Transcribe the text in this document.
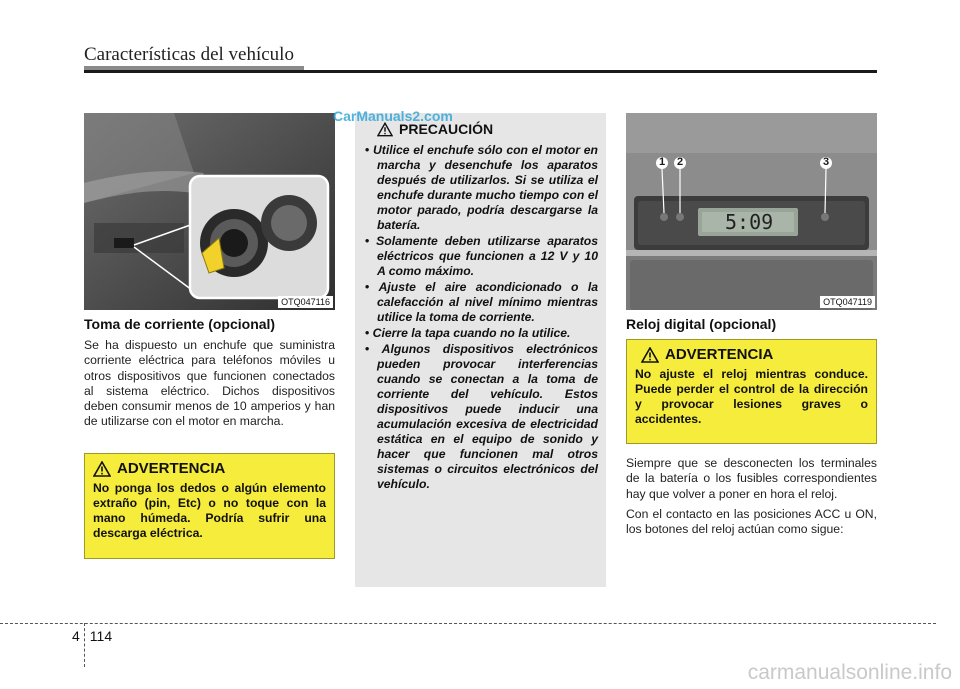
Características del vehículo
OTQ047116
Toma de corriente (opcional)

Se ha dispuesto un enchufe que suministra corriente eléctrica para teléfonos móviles u otros dispositivos que funcionen conectados al sistema eléctrico. Dichos dispositivos deben consumir menos de 10 amperios y han de utilizarse con el motor en marcha.

ADVERTENCIA
No ponga los dedos o algún elemento extraño (pin, Etc) o no toque con la mano húmeda. Podría sufrir una descarga eléctrica.
PRECAUCIÓN
• Utilice el enchufe sólo con el motor en marcha y desenchufe los aparatos después de utilizarlos. Si se utiliza el enchufe durante mucho tiempo con el motor parado, podría descargarse la batería.
• Solamente deben utilizarse aparatos eléctricos que funcionen a 12 V y 10 A como máximo.
• Ajuste el aire acondicionado o la calefacción al nivel mínimo mientras utilice la toma de corriente.
• Cierre la tapa cuando no la utilice.
• Algunos dispositivos electrónicos pueden provocar interferencias cuando se conectan a la toma de corriente del vehículo. Estos dispositivos puede inducir una acumulación excesiva de electricidad estática en el equipo de sonido y hacer que funcionen mal otros sistemas o circuitos electrónicos del vehículo.
5:09
1 2	3
OTQ047119
Reloj digital (opcional)
ADVERTENCIA
No ajuste el reloj mientras conduce. Puede perder el control de la dirección y provocar lesiones graves o accidentes.

Siempre que se desconecten los terminales de la batería o los fusibles correspondientes hay que volver a poner en hora el reloj.

Con el contacto en las posiciones ACC u ON, los botones del reloj actúan como sigue:

CarManuals2.com
4 114
carmanualsonline.info
